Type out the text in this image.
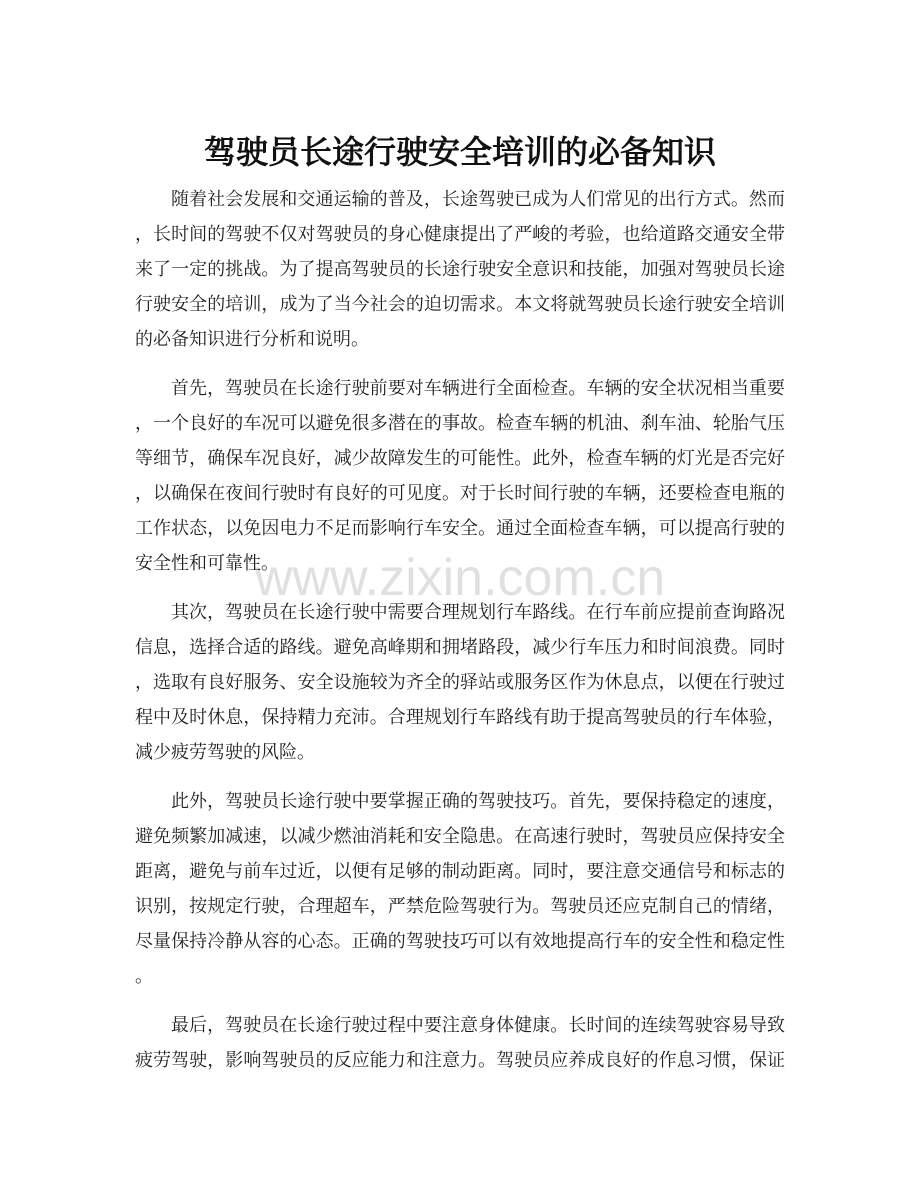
驾驶员长途行驶安全培训的必备知识
随着社会发展和交通运输的普及，长途驾驶已成为人们常见的出行方式。然而
，长时间的驾驶不仅对驾驶员的身心健康提出了严峻的考验，也给道路交通安全带
来了一定的挑战。为了提高驾驶员的长途行驶安全意识和技能，加强对驾驶员长途
行驶安全的培训，成为了当今社会的迫切需求。本文将就驾驶员长途行驶安全培训
的必备知识进行分析和说明。
首先，驾驶员在长途行驶前要对车辆进行全面检查。车辆的安全状况相当重要
，一个良好的车况可以避免很多潜在的事故。检查车辆的机油、刹车油、轮胎气压
等细节，确保车况良好，减少故障发生的可能性。此外，检查车辆的灯光是否完好
，以确保在夜间行驶时有良好的可见度。对于长时间行驶的车辆，还要检查电瓶的
工作状态，以免因电力不足而影响行车安全。通过全面检查车辆，可以提高行驶的
安全性和可靠性。
其次，驾驶员在长途行驶中需要合理规划行车路线。在行车前应提前查询路况
信息，选择合适的路线。避免高峰期和拥堵路段，减少行车压力和时间浪费。同时
，选取有良好服务、安全设施较为齐全的驿站或服务区作为休息点，以便在行驶过
程中及时休息，保持精力充沛。合理规划行车路线有助于提高驾驶员的行车体验，
减少疲劳驾驶的风险。
此外，驾驶员长途行驶中要掌握正确的驾驶技巧。首先，要保持稳定的速度，
避免频繁加减速，以减少燃油消耗和安全隐患。在高速行驶时，驾驶员应保持安全
距离，避免与前车过近，以便有足够的制动距离。同时，要注意交通信号和标志的
识别，按规定行驶，合理超车，严禁危险驾驶行为。驾驶员还应克制自己的情绪，
尽量保持冷静从容的心态。正确的驾驶技巧可以有效地提高行车的安全性和稳定性
。
最后，驾驶员在长途行驶过程中要注意身体健康。长时间的连续驾驶容易导致
疲劳驾驶，影响驾驶员的反应能力和注意力。驾驶员应养成良好的作息习惯，保证
www.zixin.com.cn
